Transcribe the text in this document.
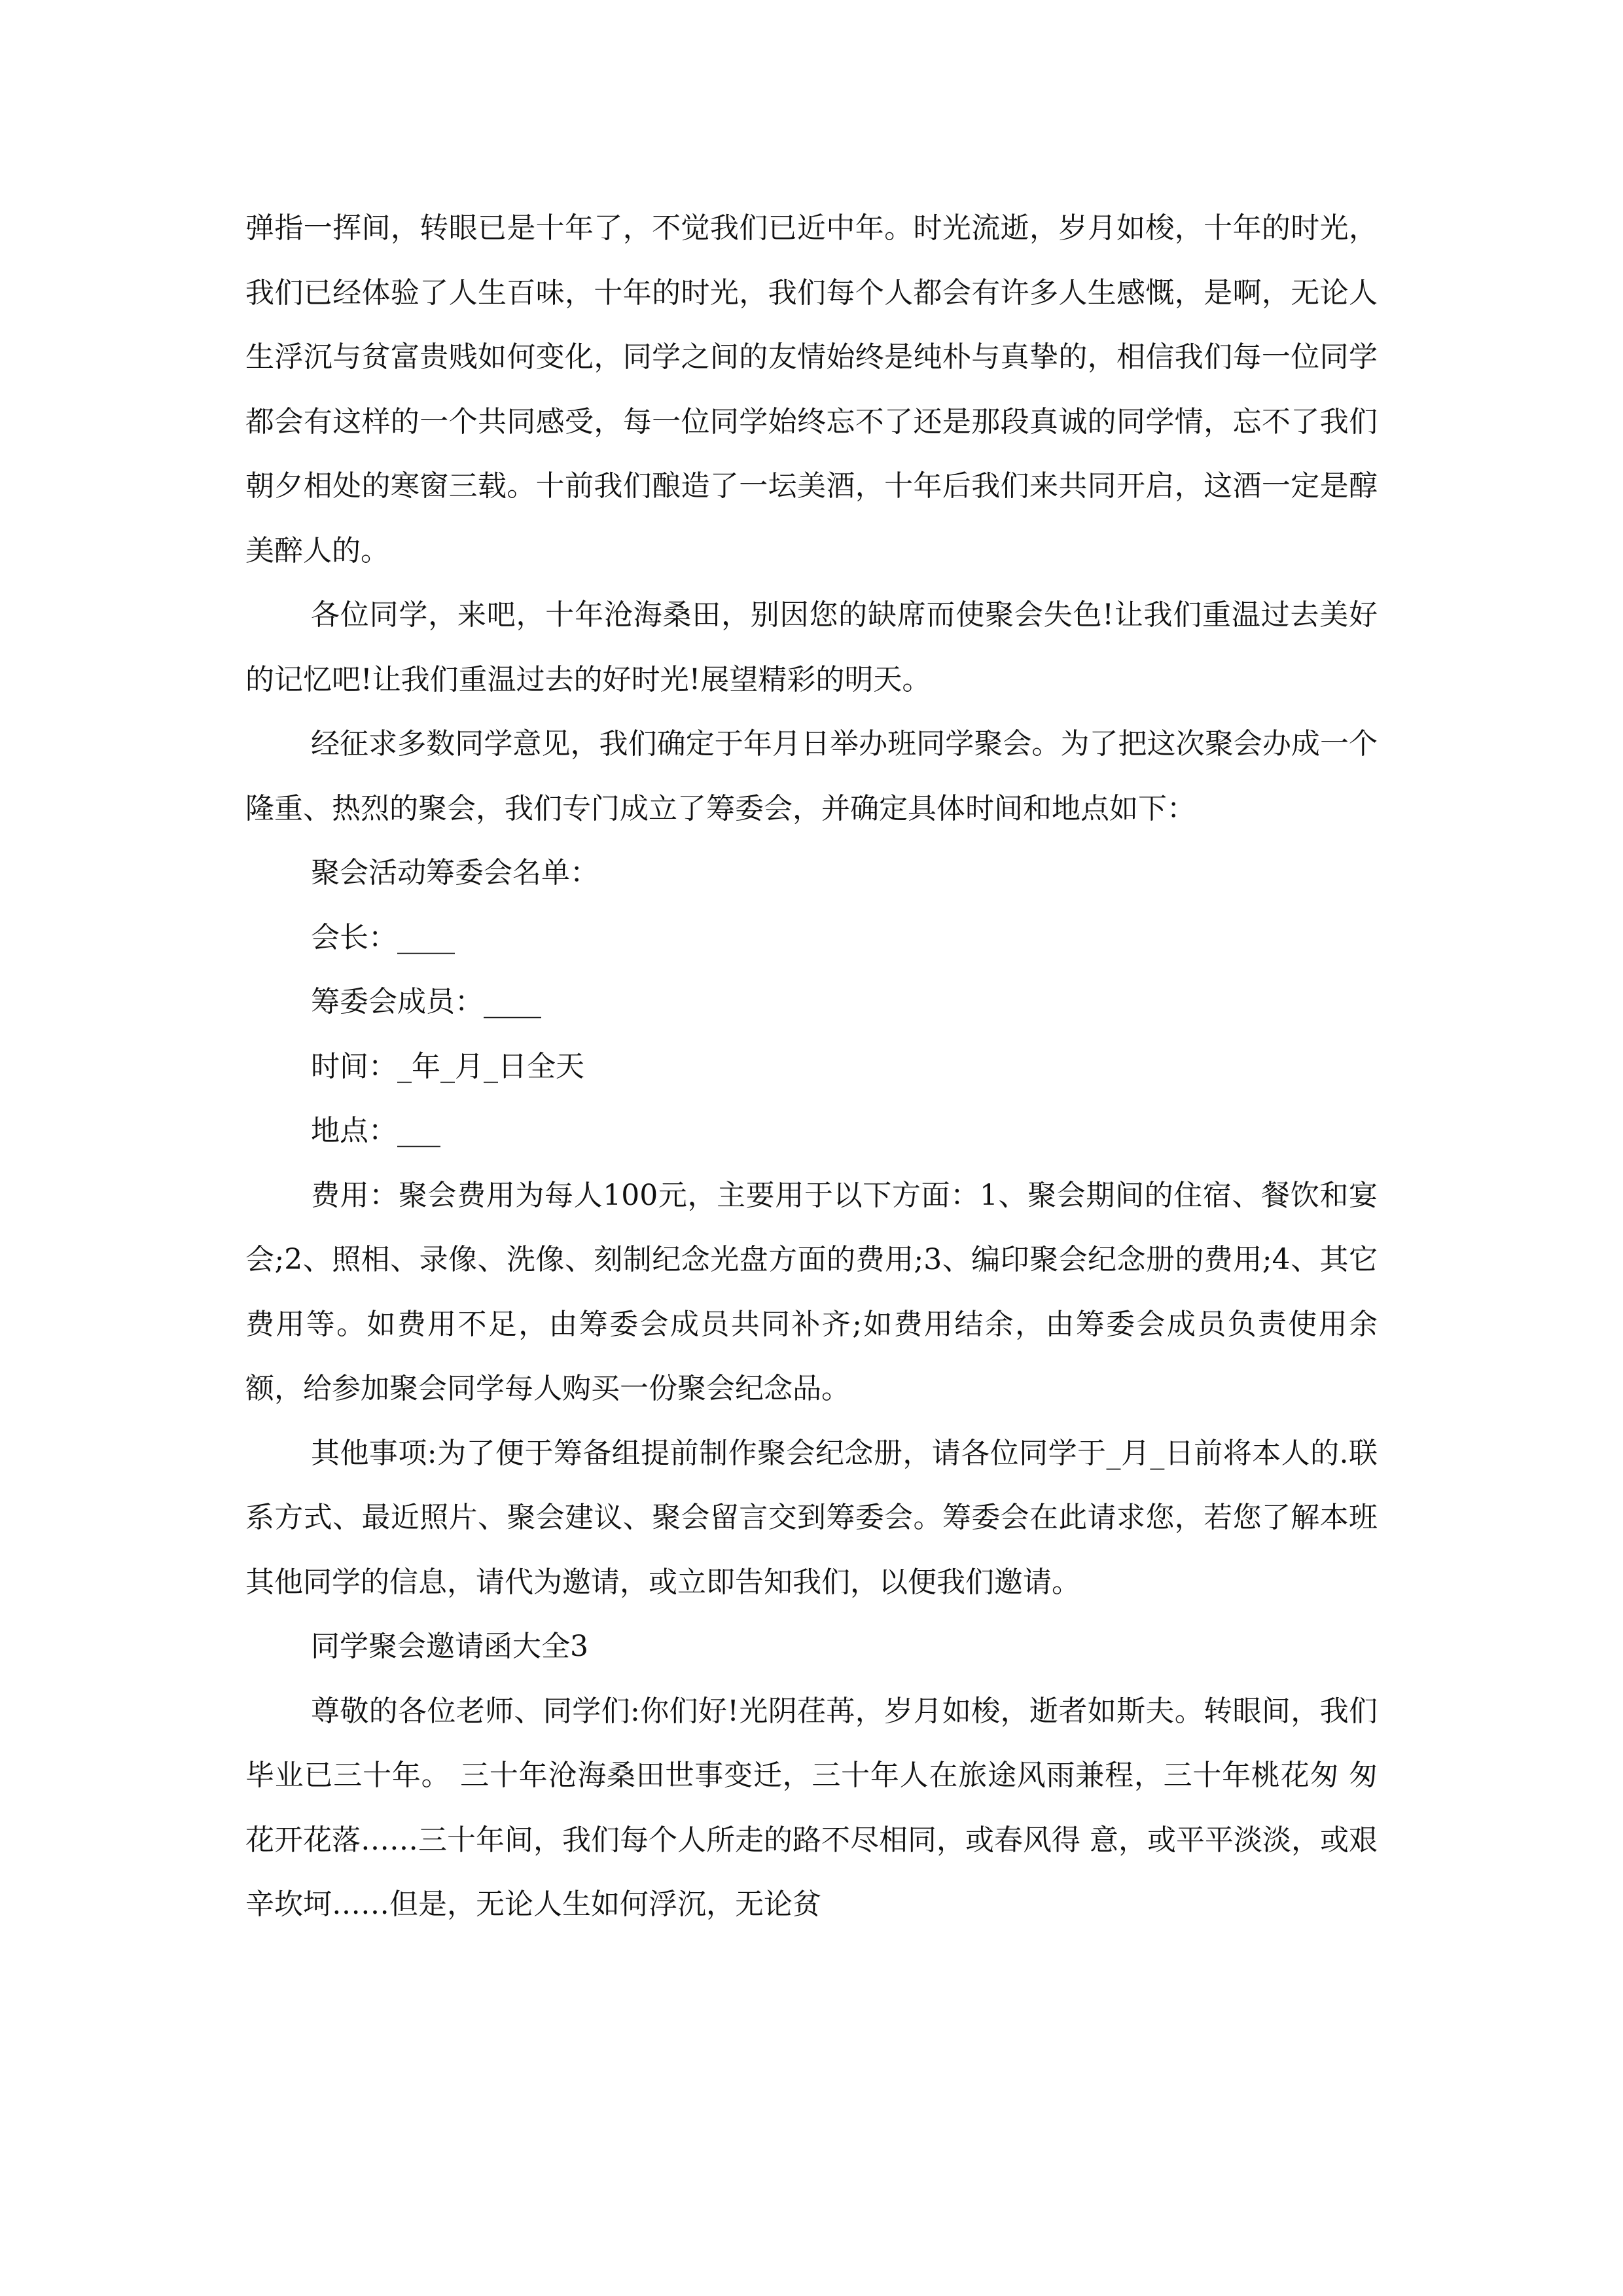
弹指一挥间，转眼已是十年了，不觉我们已近中年。时光流逝，岁月如梭，十年的时光，我们已经体验了人生百味，十年的时光，我们每个人都会有许多人生感慨，是啊，无论人生浮沉与贫富贵贱如何变化，同学之间的友情始终是纯朴与真挚的，相信我们每一位同学都会有这样的一个共同感受，每一位同学始终忘不了还是那段真诚的同学情，忘不了我们朝夕相处的寒窗三载。十前我们酿造了一坛美酒，十年后我们来共同开启，这酒一定是醇美醉人的。

各位同学，来吧，十年沧海桑田，别因您的缺席而使聚会失色!让我们重温过去美好的记忆吧!让我们重温过去的好时光!展望精彩的明天。

经征求多数同学意见，我们确定于年月日举办班同学聚会。为了把这次聚会办成一个隆重、热烈的聚会，我们专门成立了筹委会，并确定具体时间和地点如下：

聚会活动筹委会名单：

会长：____

筹委会成员：____

时间：_年_月_日全天

地点：___

费用：聚会费用为每人100元，主要用于以下方面：1、聚会期间的住宿、餐饮和宴会;2、照相、录像、洗像、刻制纪念光盘方面的费用;3、编印聚会纪念册的费用;4、其它费用等。如费用不足，由筹委会成员共同补齐;如费用结余，由筹委会成员负责使用余额，给参加聚会同学每人购买一份聚会纪念品。

其他事项:为了便于筹备组提前制作聚会纪念册，请各位同学于_月_日前将本人的.联系方式、最近照片、聚会建议、聚会留言交到筹委会。筹委会在此请求您，若您了解本班其他同学的信息，请代为邀请，或立即告知我们，以便我们邀请。

同学聚会邀请函大全3

尊敬的各位老师、同学们:你们好!光阴荏苒，岁月如梭，逝者如斯夫。转眼间，我们毕业已三十年。 三十年沧海桑田世事变迁，三十年人在旅途风雨兼程，三十年桃花匆 匆花开花落……三十年间，我们每个人所走的路不尽相同，或春风得 意，或平平淡淡，或艰辛坎坷……但是，无论人生如何浮沉，无论贫
